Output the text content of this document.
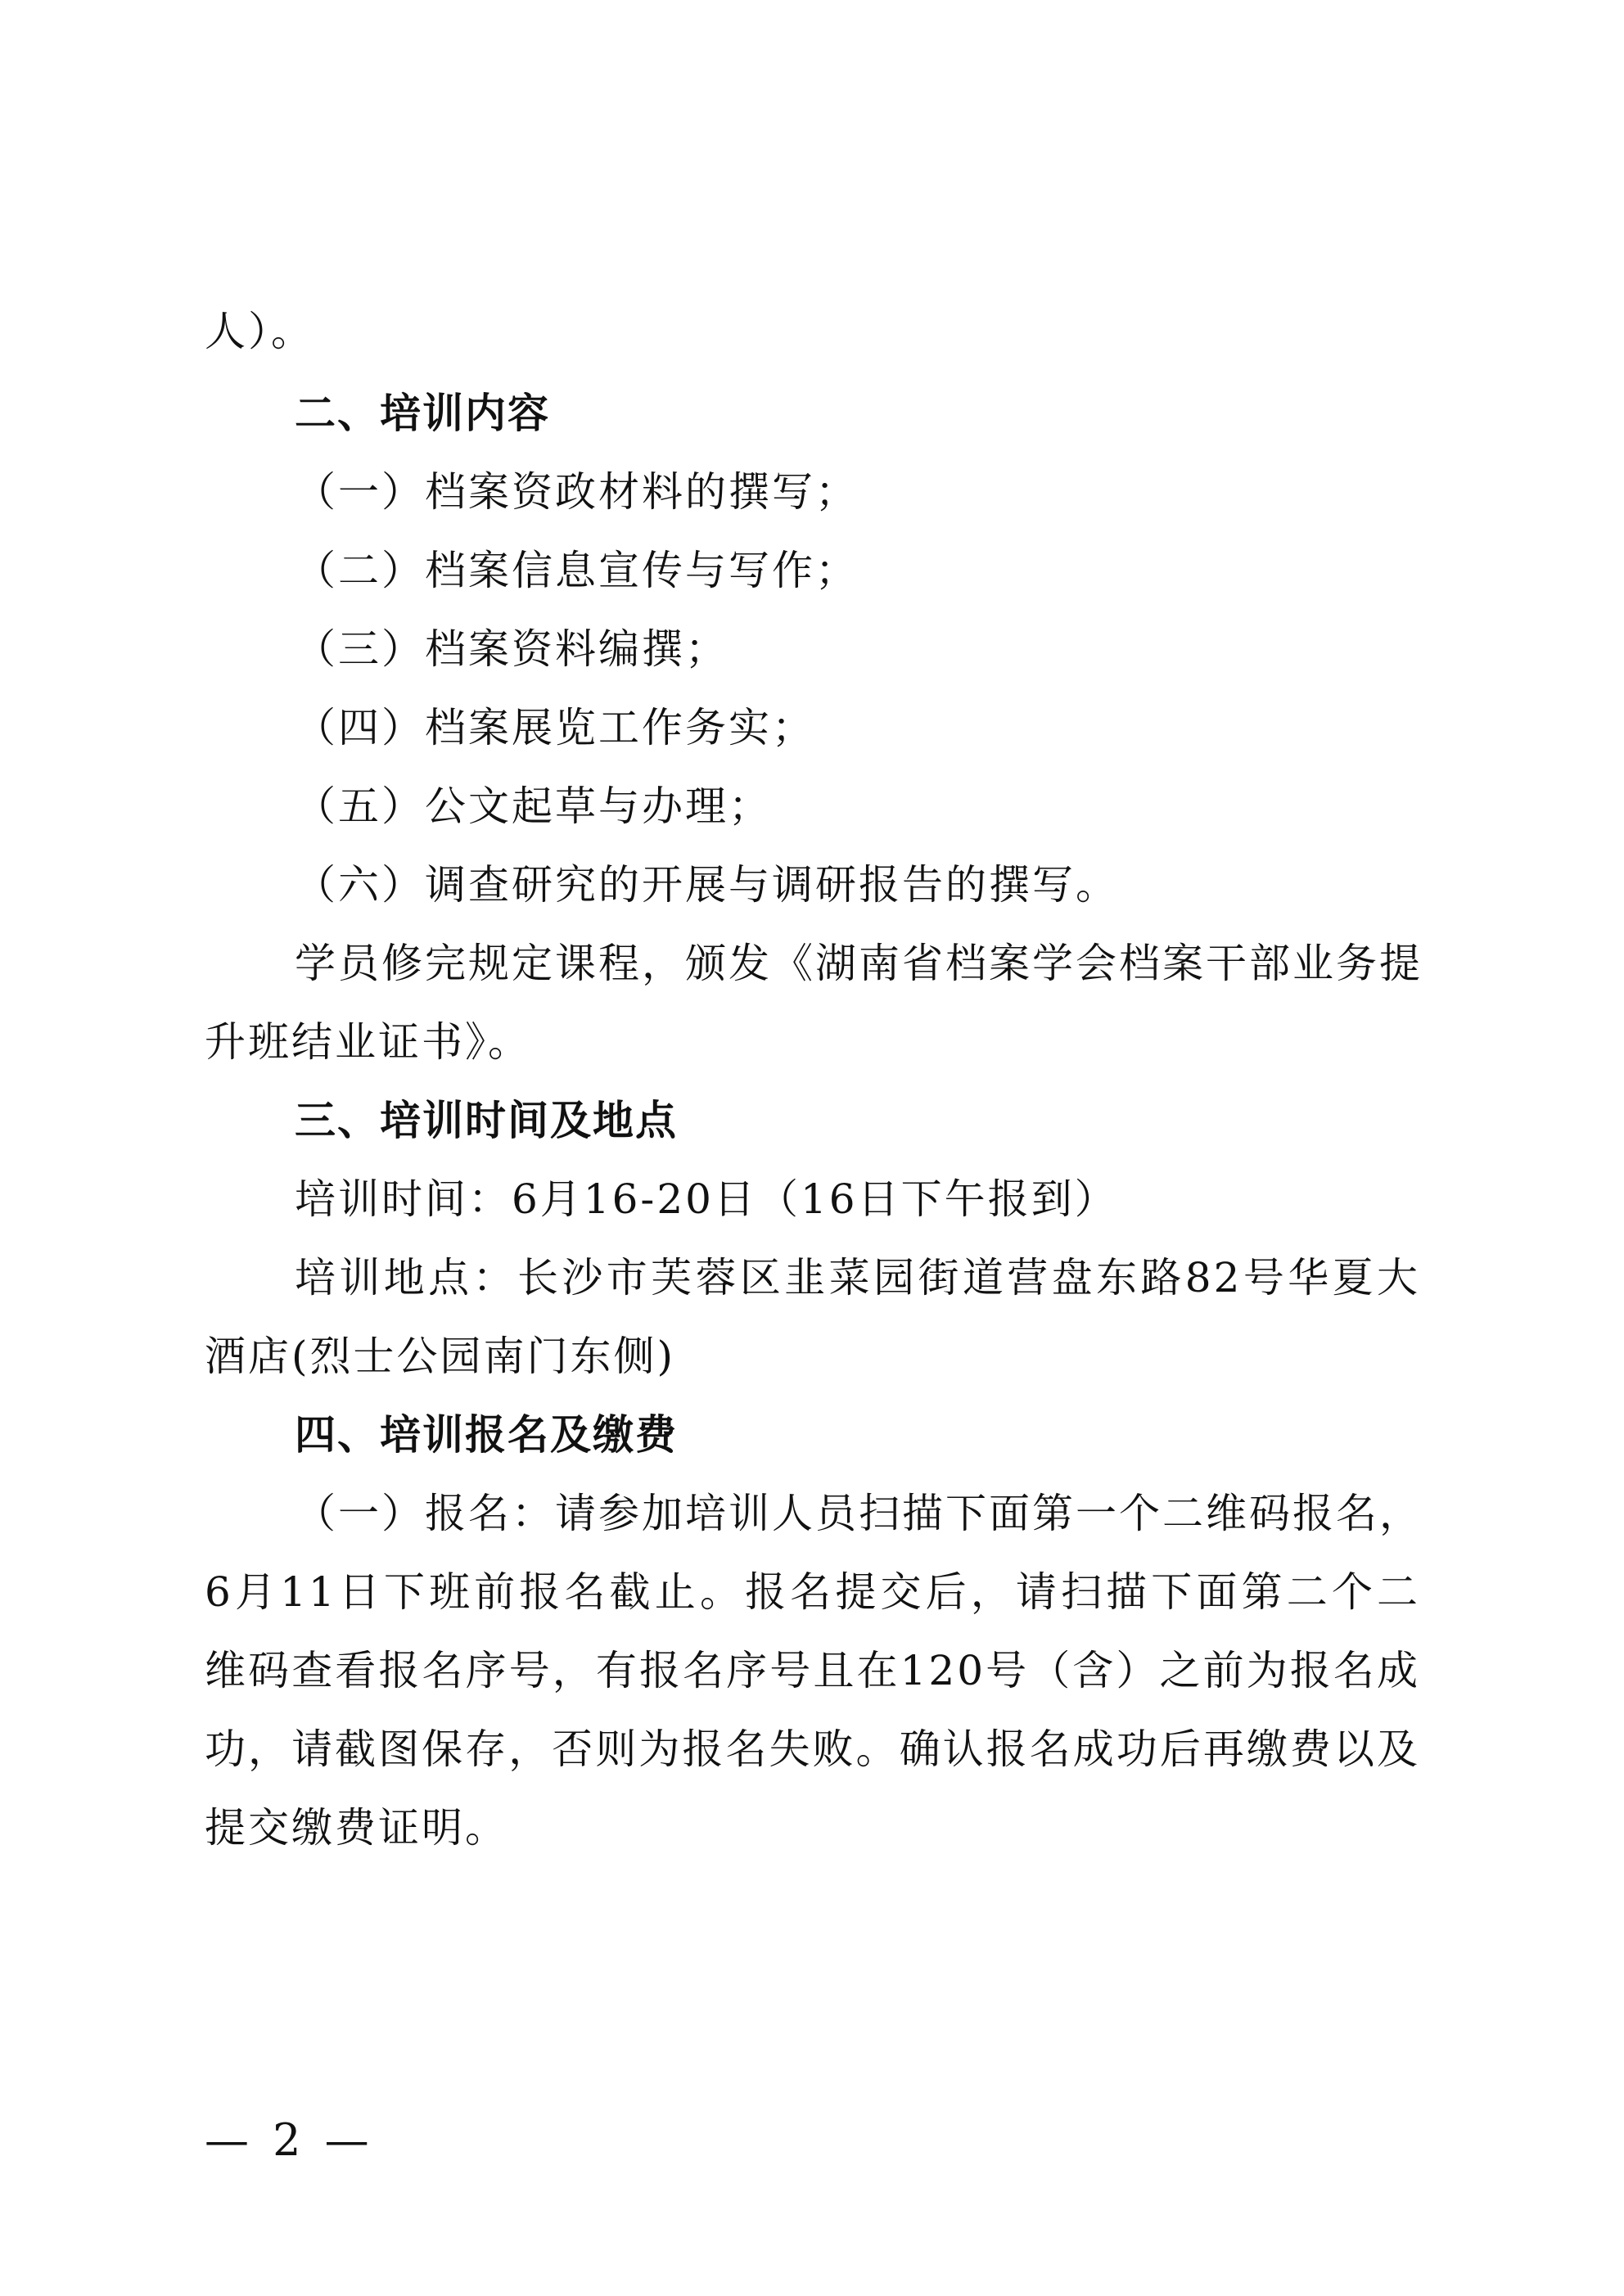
人）。
二、培训内容
（一）档案资政材料的撰写；
（二）档案信息宣传与写作；
（三）档案资料编撰；
（四）档案展览工作务实；
（五）公文起草与办理；
（六）调查研究的开展与调研报告的撰写。
学员修完规定课程，颁发《湖南省档案学会档案干部业务提
升班结业证书》。
三、培训时间及地点
培训时间：6月16-20日（16日下午报到）
培训地点：长沙市芙蓉区韭菜园街道营盘东路82号华夏大
酒店(烈士公园南门东侧)
四、培训报名及缴费
（一）报名：请参加培训人员扫描下面第一个二维码报名，
6月11日下班前报名截止。报名提交后，请扫描下面第二个二
维码查看报名序号，有报名序号且在120号（含）之前为报名成
功，请截图保存，否则为报名失败。确认报名成功后再缴费以及
提交缴费证明。
— 2 —
